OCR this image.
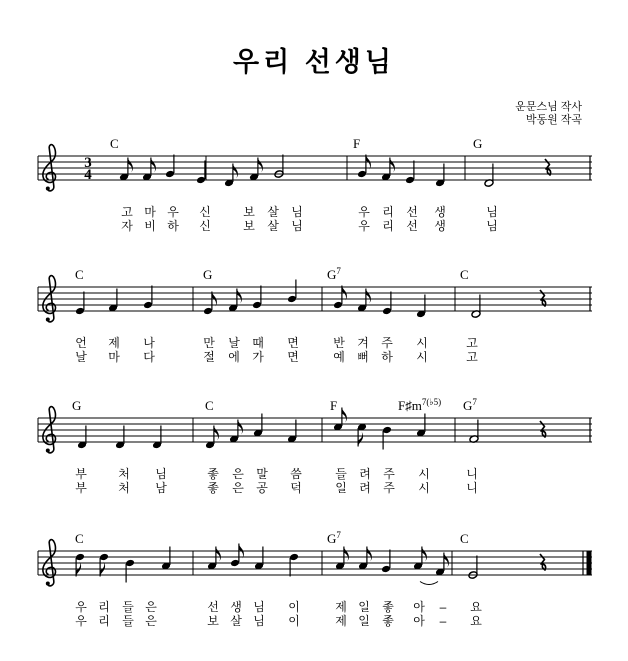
우리 선생님
운문스님 작사
박동원 작곡
3
4
C	F	G
고 마 우 신	보 살 님	우 리 선 생	님
자 비 하 신	보 살 님	우 리 선 생	님
C	G	$G^7$	C
언 제 나	만 날 때 면	반 겨 주 시	고
날 마 다	절 에 가 면	예 뻐 하 시	고
G	C	F	$F♯m^{7(♭5)}$ $G^7$
부	처 님	좋 은 말 씀	들 려 주 시	니
부	처 남	좋 은 공 덕	일 려 주 시	니
C	$G^7$	C
우 리 들 은	선 생 님 이	제 일 좋 아 – 요
우 리 들 은	보 살 님 이	제 일 좋 아 – 요
